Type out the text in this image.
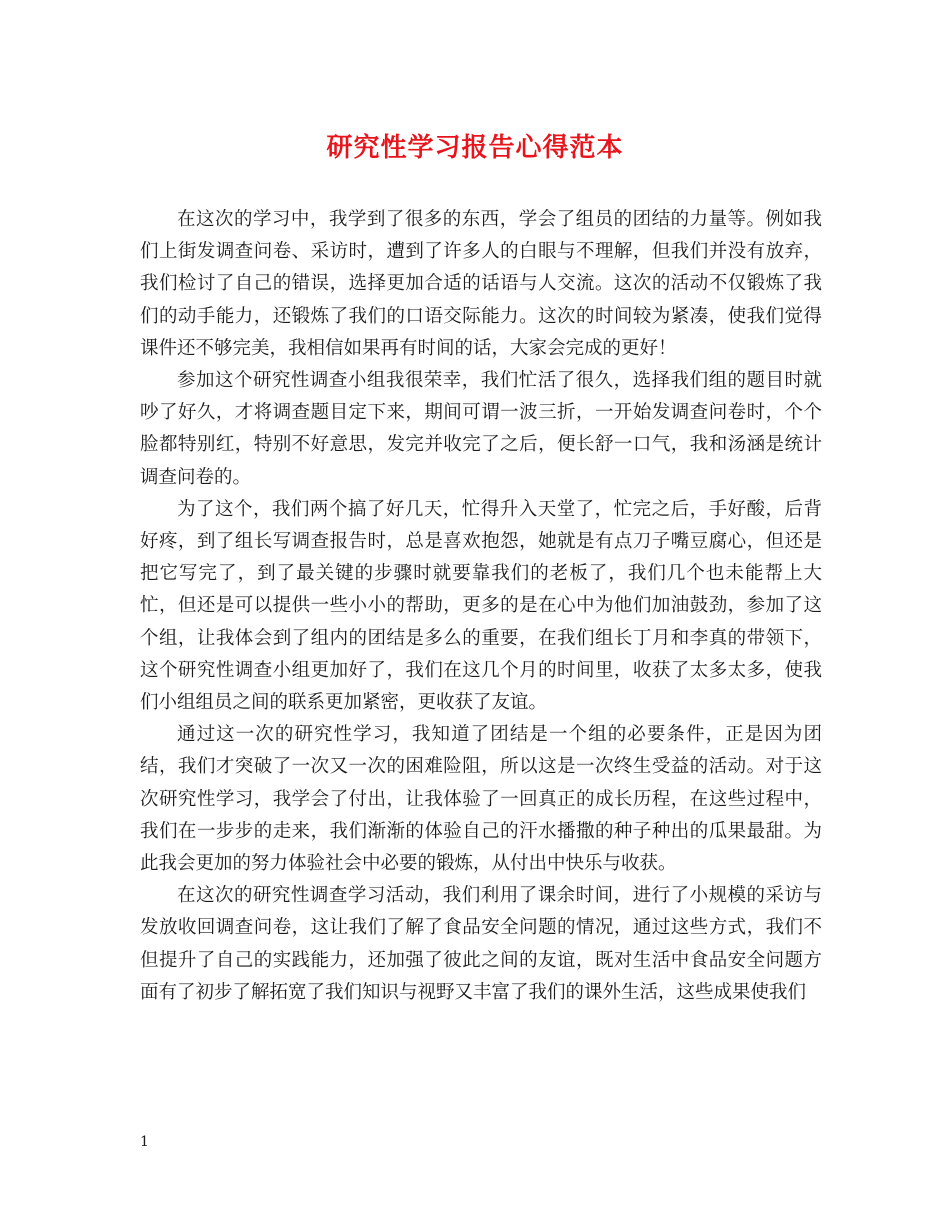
研究性学习报告心得范本

在这次的学习中，我学到了很多的东西，学会了组员的团结的力量等。例如我们上街发调查问卷、采访时，遭到了许多人的白眼与不理解，但我们并没有放弃，我们检讨了自己的错误，选择更加合适的话语与人交流。这次的活动不仅锻炼了我们的动手能力，还锻炼了我们的口语交际能力。这次的时间较为紧凑，使我们觉得课件还不够完美，我相信如果再有时间的话，大家会完成的更好！

参加这个研究性调查小组我很荣幸，我们忙活了很久，选择我们组的题目时就吵了好久，才将调查题目定下来，期间可谓一波三折，一开始发调查问卷时，个个脸都特别红，特别不好意思，发完并收完了之后，便长舒一口气，我和汤涵是统计调查问卷的。

为了这个，我们两个搞了好几天，忙得升入天堂了，忙完之后，手好酸，后背好疼，到了组长写调查报告时，总是喜欢抱怨，她就是有点刀子嘴豆腐心，但还是把它写完了，到了最关键的步骤时就要靠我们的老板了，我们几个也未能帮上大忙，但还是可以提供一些小小的帮助，更多的是在心中为他们加油鼓劲，参加了这个组，让我体会到了组内的团结是多么的重要，在我们组长丁月和李真的带领下，这个研究性调查小组更加好了，我们在这几个月的时间里，收获了太多太多，使我们小组组员之间的联系更加紧密，更收获了友谊。

通过这一次的研究性学习，我知道了团结是一个组的必要条件，正是因为团结，我们才突破了一次又一次的困难险阻，所以这是一次终生受益的活动。对于这次研究性学习，我学会了付出，让我体验了一回真正的成长历程，在这些过程中，我们在一步步的走来，我们渐渐的体验自己的汗水播撒的种子种出的瓜果最甜。为此我会更加的努力体验社会中必要的锻炼，从付出中快乐与收获。

在这次的研究性调查学习活动，我们利用了课余时间，进行了小规模的采访与发放收回调查问卷，这让我们了解了食品安全问题的情况，通过这些方式，我们不但提升了自己的实践能力，还加强了彼此之间的友谊，既对生活中食品安全问题方面有了初步了解拓宽了我们知识与视野又丰富了我们的课外生活，这些成果使我们

1
